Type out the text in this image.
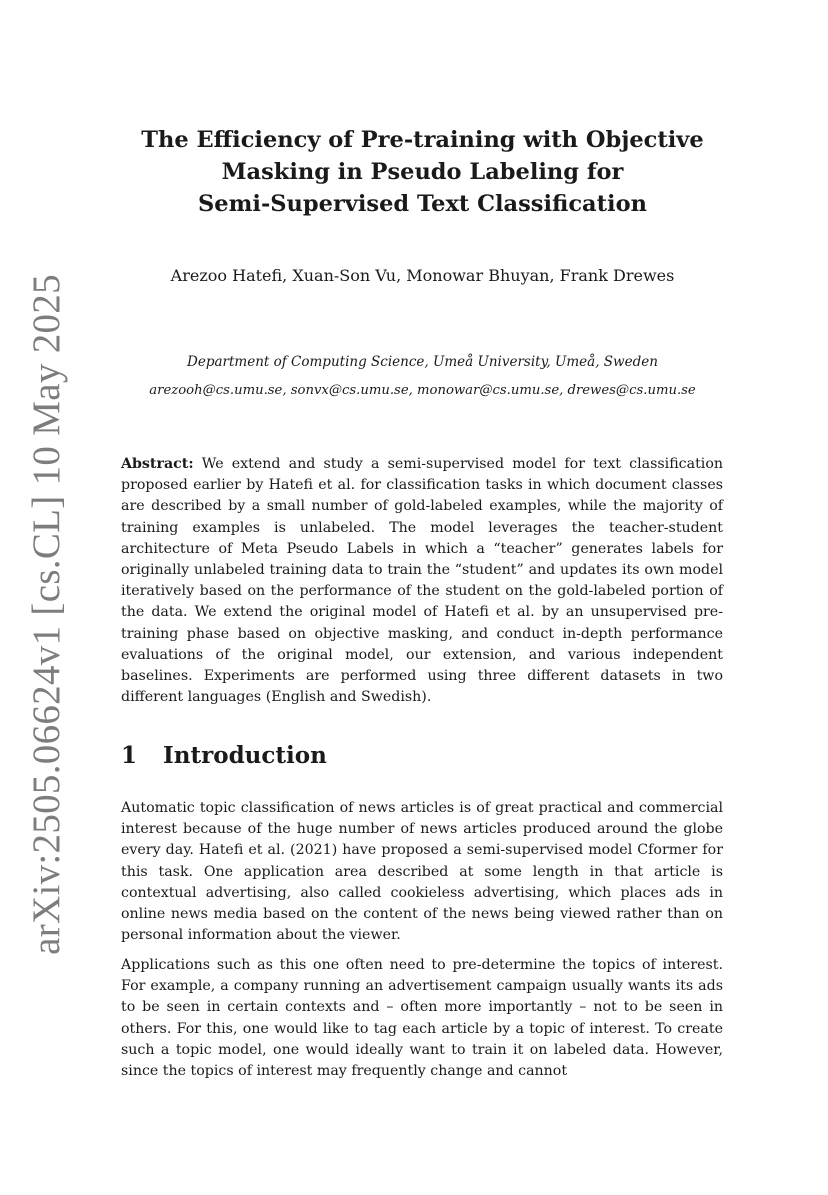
arXiv:2505.06624v1 [cs.CL] 10 May 2025
The Efficiency of Pre-training with Objective
Masking in Pseudo Labeling for
Semi-Supervised Text Classification
Arezoo Hatefi, Xuan-Son Vu, Monowar Bhuyan, Frank Drewes
Department of Computing Science, Umeå University, Umeå, Sweden
arezooh@cs.umu.se, sonvx@cs.umu.se, monowar@cs.umu.se, drewes@cs.umu.se

Abstract: We extend and study a semi-supervised model for text classification proposed earlier by Hatefi et al. for classification tasks in which document classes are described by a small number of gold-labeled examples, while the majority of training examples is unlabeled. The model leverages the teacher-student architecture of Meta Pseudo Labels in which a “teacher” generates labels for originally unlabeled training data to train the “student” and updates its own model iteratively based on the performance of the student on the gold-labeled portion of the data. We extend the original model of Hatefi et al. by an unsupervised pre-training phase based on objective masking, and conduct in-depth performance evaluations of the original model, our extension, and various independent baselines. Experiments are performed using three different datasets in two different languages (English and Swedish).

1 Introduction

Automatic topic classification of news articles is of great practical and commercial interest because of the huge number of news articles produced around the globe every day. Hatefi et al. (2021) have proposed a semi-supervised model Cformer for this task. One application area described at some length in that article is contextual advertising, also called cookieless advertising, which places ads in online news media based on the content of the news being viewed rather than on personal information about the viewer.

Applications such as this one often need to pre-determine the topics of interest. For example, a company running an advertisement campaign usually wants its ads to be seen in certain contexts and – often more importantly – not to be seen in others. For this, one would like to tag each article by a topic of interest. To create such a topic model, one would ideally want to train it on labeled data. However, since the topics of interest may frequently change and cannot
